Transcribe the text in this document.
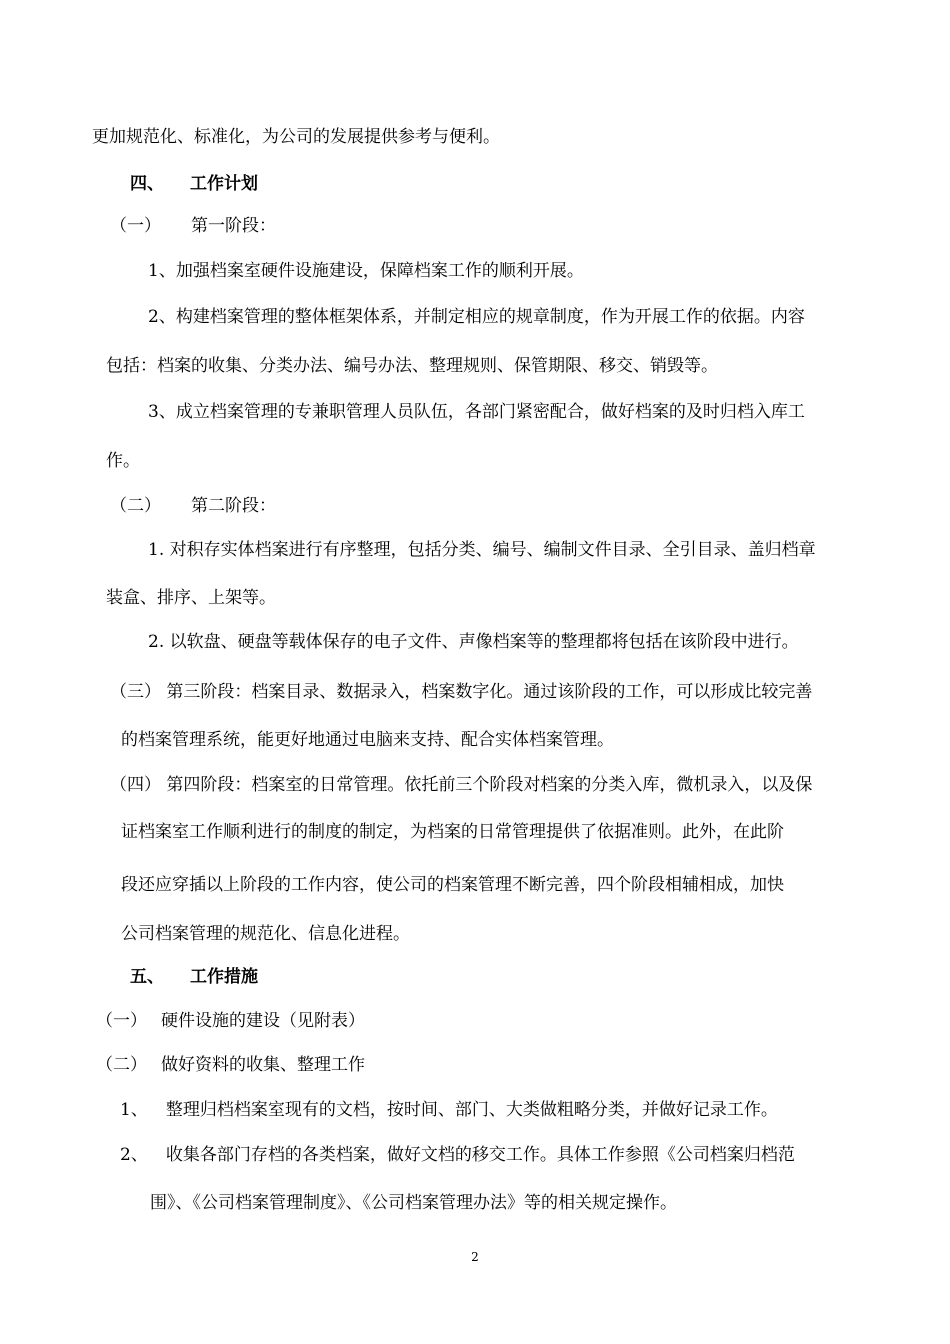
更加规范化、标准化，为公司的发展提供参考与便利。
四、 工作计划
（一） 第一阶段：
1、加强档案室硬件设施建设，保障档案工作的顺利开展。
2、构建档案管理的整体框架体系，并制定相应的规章制度，作为开展工作的依据。内容
包括：档案的收集、分类办法、编号办法、整理规则、保管期限、移交、销毁等。
3、成立档案管理的专兼职管理人员队伍，各部门紧密配合，做好档案的及时归档入库工
作。
（二） 第二阶段：
1. 对积存实体档案进行有序整理，包括分类、编号、编制文件目录、全引目录、盖归档章
装盒、排序、上架等。
2. 以软盘、硬盘等载体保存的电子文件、声像档案等的整理都将包括在该阶段中进行。
（三） 第三阶段：档案目录、数据录入，档案数字化。通过该阶段的工作，可以形成比较完善
的档案管理系统，能更好地通过电脑来支持、配合实体档案管理。
（四） 第四阶段：档案室的日常管理。依托前三个阶段对档案的分类入库，微机录入，以及保
证档案室工作顺利进行的制度的制定，为档案的日常管理提供了依据准则。此外，在此阶
段还应穿插以上阶段的工作内容，使公司的档案管理不断完善，四个阶段相辅相成，加快
公司档案管理的规范化、信息化进程。
五、 工作措施
（一） 硬件设施的建设（见附表）
（二） 做好资料的收集、整理工作
1、 整理归档档案室现有的文档，按时间、部门、大类做粗略分类，并做好记录工作。
2、 收集各部门存档的各类档案，做好文档的移交工作。具体工作参照《公司档案归档范
围》、《公司档案管理制度》、《公司档案管理办法》等的相关规定操作。
2
